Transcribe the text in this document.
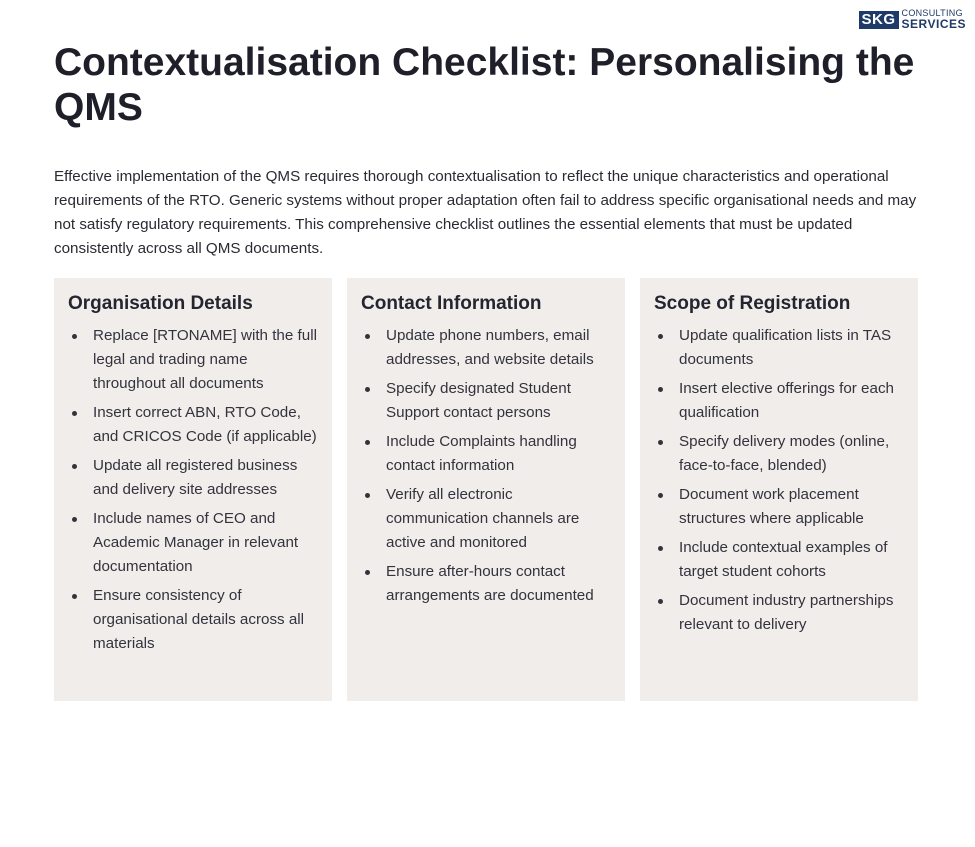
SKG CONSULTING
SERVICES
Contextualisation Checklist: Personalising the QMS

Effective implementation of the QMS requires thorough contextualisation to reflect the unique characteristics and operational requirements of the RTO. Generic systems without proper adaptation often fail to address specific organisational needs and may not satisfy regulatory requirements. This comprehensive checklist outlines the essential elements that must be updated consistently across all QMS documents.

Organisation Details
Replace [RTONAME] with the full legal and trading name throughout all documents
Insert correct ABN, RTO Code, and CRICOS Code (if applicable)
Update all registered business and delivery site addresses
Include names of CEO and Academic Manager in relevant documentation
Ensure consistency of organisational details across all materials
Contact Information
Update phone numbers, email addresses, and website details
Specify designated Student Support contact persons
Include Complaints handling contact information
Verify all electronic communication channels are active and monitored
Ensure after-hours contact arrangements are documented
Scope of Registration
Update qualification lists in TAS documents
Insert elective offerings for each qualification
Specify delivery modes (online, face-to-face, blended)
Document work placement structures where applicable
Include contextual examples of target student cohorts
Document industry partnerships relevant to delivery
